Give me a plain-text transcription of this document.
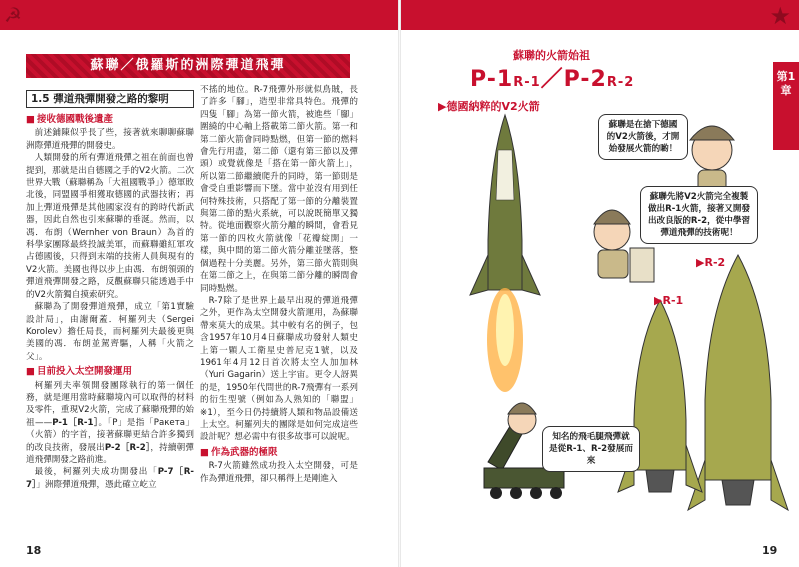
☭	★
蘇聯／俄羅斯的洲際彈道飛彈
1.5 彈道飛彈開發之路的黎明
■ 接收德國戰後遺產

前述鋪陳似乎長了些，接著就來聊聊蘇聯洲際彈道飛彈的開發史。

人類開發的所有彈道飛彈之祖在前面也曾提到，那就是出自德國之手的V2火箭。二次世界大戰（蘇聯稱為「大祖國戰爭」）德軍敗北後，同盟國爭相獲取德國的武器技術；再加上彈道飛彈是其他國家沒有的跨時代新武器，因此自然也引來蘇聯的垂涎。然而，以馮．布朗（Wernher von Braun）為首的科學家團隊最終投誠美軍，而蘇聯雖紅軍攻占德國後，只得到末端的技術人員與現有的V2火箭。美國也得以步上由馮．布朗領頭的彈道飛彈開發之路，反觀蘇聯只能透過手中的V2火箭獨自摸索研究。

蘇聯為了開發彈道飛彈，成立「第1實驗設計局」，由謝爾蓋．柯羅列夫（Sergei Korolev）擔任局長，而柯羅列夫最後更與美國的馮．布朗並駕齊驅，人稱「火箭之父」。

■ 目前投入太空開發運用

柯羅列夫率領開發團隊執行的第一個任務，就是運用當時蘇聯境內可以取得的材料及零件，重現V2火箭，完成了蘇聯飛彈的始祖——P-1［R-1］。「P」是指「Ракета」（火箭）的字首，接著蘇聯更結合許多獨到的改良技術，發展出P-2［R-2］，持續朝彈道飛彈開發之路前進。

最後，柯羅列夫成功開發出「P-7［R-7］」洲際彈道飛彈，憑此確立屹立

不搖的地位。R-7飛彈外形就似鳥賊，長了許多「腳」，造型非常具特色。飛彈的四隻「腳」為第一節火箭，被進些「腳」圍繞的中心軸上搭載第二節火箭。第一和第二節火箭會同時點燃，但第一節的燃料會先行用盡，第二節（還有第三節以及彈頭）或覺就像是「搭在第一節火箭上」，所以第二節繼續爬升的同時，第一節則是會受自重影響而下墜。當中並沒有用到任何特殊技術，只搭配了第一節的分離裝置與第二節的點火系統，可以說既簡單又獨特。從地面觀察火箭分離的瞬間，會看見第一節的四枚火箭就像「花瓣綻開」一樣，與中間的第二節火箭分離並墜落，整個過程十分美麗。另外，第三節火箭則與在第二節之上，在與第二節分離的瞬間會同時點燃。

R-7除了是世界上最早出現的彈道飛彈之外，更作為太空開發火箭運用，為蘇聯帶來莫大的成果。其中較有名的例子，包含1957年10月4日蘇聯成功發射人類史上第一顆人工衛星史普尼克1號，以及1961年4月12日首次將太空人加加林（Yuri Gagarin）送上宇宙。更令人訝異的是，1950年代問世的R-7飛彈有一系列的衍生型號（例如為人熟知的「聯盟」※1），至今日仍持續將人類和物品設備送上太空。柯羅列夫的團隊是如何完成這些設計呢？想必需中有很多故事可以說呢。

■ 作為武器的極限

R-7火箭雖然成功投入太空開發，可是作為彈道飛彈，卻只稱得上是剛進入

18
蘇聯的火箭始祖
P-1R-1／P-2R-2
▶德國納粹的V2火箭
▶R-2
▶R-1
蘇聯是在搶下德國的V2火箭後，才開始發展火箭的喲！
蘇聯先將V2火箭完全複製做出R-1火箭，接著又開發出改良版的R-2，從中學習彈道飛彈的技術呢！
知名的飛毛腿飛彈就是從R-1、R-2發展而來
第1章
19
